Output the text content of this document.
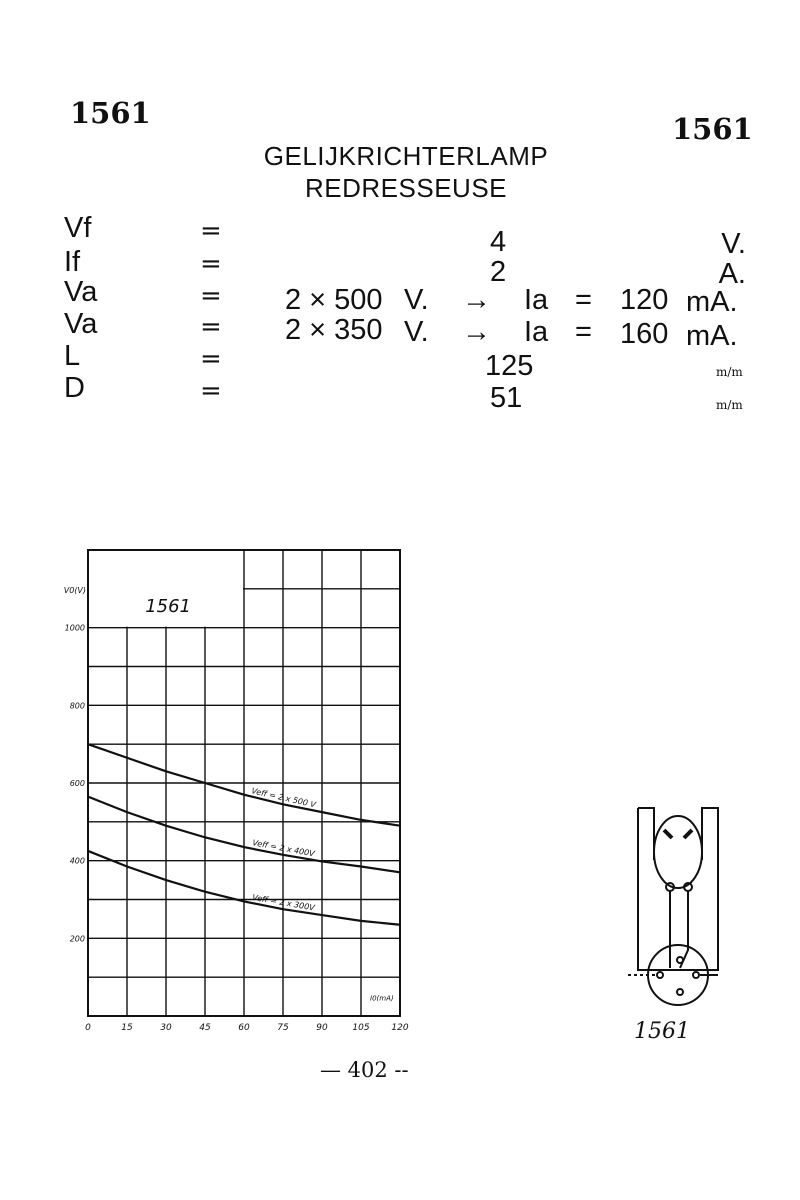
1561	1561
GELIJKRICHTERLAMP
REDRESSEUSE
Vf	=	4	V.
If	=	2	A.
Va	= 2 × 500 V. → Ia = 120 mA.
Va	= 2 × 350 V. → Ia = 160 mA.
L	=	125	m/m
D	=	51	m/m
1561
200
400
600
800
1000
V0(V)
0	15	30	45	60	75	90	105 120
I0(mA)
Veff = 2 x 500 V
Veff = 2 x 400V
Veff = 2 x 300V
1561
— 402 --
